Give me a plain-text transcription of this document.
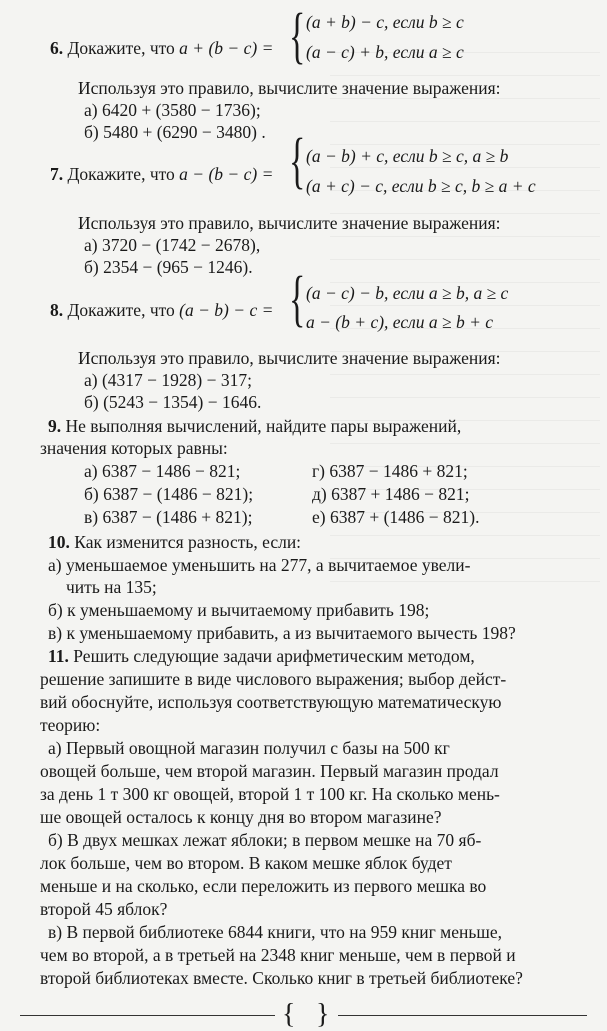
6. Докажите, что a + (b − c) = { (a + b) − c, если b ≥ c
(a − c) + b, если a ≥ c
Используя это правило, вычислите значение выражения:
а) 6420 + (3580 − 1736);
б) 5480 + (6290 − 3480) .
7. Докажите, что a − (b − c) = { (a − b) + c, если b ≥ c, a ≥ b
(a + c) − c, если b ≥ c, b ≥ a + c
Используя это правило, вычислите значение выражения:
а) 3720 − (1742 − 2678),
б) 2354 − (965 − 1246).
8. Докажите, что (a − b) − c = { (a − c) − b, если a ≥ b, a ≥ c
a − (b + c), если a ≥ b + c
Используя это правило, вычислите значение выражения:
а) (4317 − 1928) − 317;
б) (5243 − 1354) − 1646.
9. Не выполняя вычислений, найдите пары выражений,
значения которых равны:
а) 6387 − 1486 − 821;
б) 6387 − (1486 − 821);
в) 6387 − (1486 + 821);
г) 6387 − 1486 + 821;
д) 6387 + 1486 − 821;
е) 6387 + (1486 − 821).
10. Как изменится разность, если:
а) уменьшаемое уменьшить на 277, а вычитаемое увели-
чить на 135;
б) к уменьшаемому и вычитаемому прибавить 198;
в) к уменьшаемому прибавить, а из вычитаемого вычесть 198?
11. Решить следующие задачи арифметическим методом,
решение запишите в виде числового выражения; выбор дейст-
вий обоснуйте, используя соответствующую математическую
теорию:
а) Первый овощной магазин получил с базы на 500 кг
овощей больше, чем второй магазин. Первый магазин продал
за день 1 т 300 кг овощей, второй 1 т 100 кг. На сколько мень-
ше овощей осталось к концу дня во втором магазине?
б) В двух мешках лежат яблоки; в первом мешке на 70 яб-
лок больше, чем во втором. В каком мешке яблок будет
меньше и на сколько, если переложить из первого мешка во
второй 45 яблок?
в) В первой библиотеке 6844 книги, что на 959 книг меньше,
чем во второй, а в третьей на 2348 книг меньше, чем в первой и
второй библиотеках вместе. Сколько книг в третьей библиотеке?
{ }
